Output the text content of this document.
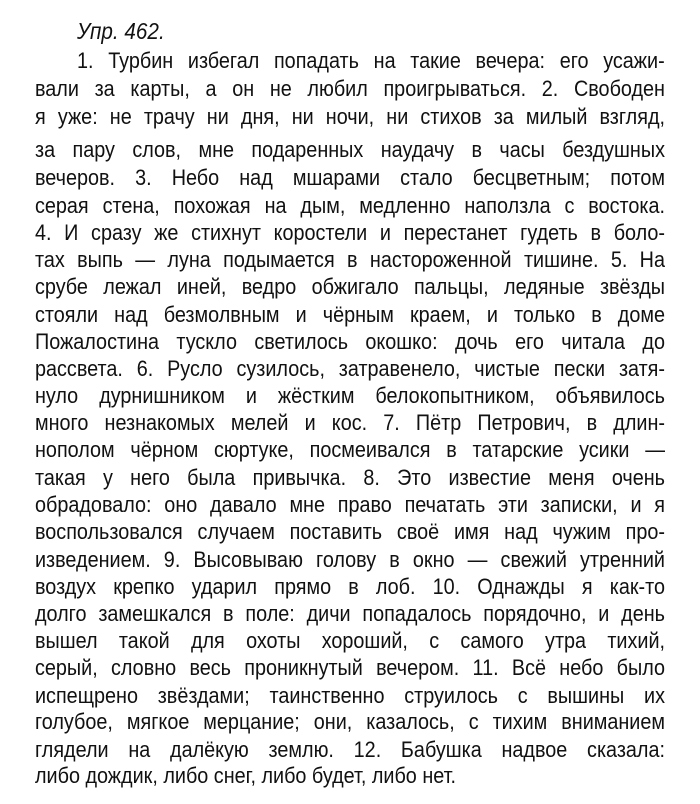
Упр. 462.
1. Турбин избегал попадать на такие вечера: его усажи-
вали за карты, а он не любил проигрываться. 2. Свободен
я уже: не трачу ни дня, ни ночи, ни стихов за милый взгляд,
за пару слов, мне подаренных наудачу в часы бездушных
вечеров. 3. Небо над мшарами стало бесцветным; потом
серая стена, похожая на дым, медленно наползла с востока.
4. И сразу же стихнут коростели и перестанет гудеть в боло-
тах выпь — луна подымается в настороженной тишине. 5. На
срубе лежал иней, ведро обжигало пальцы, ледяные звёзды
стояли над безмолвным и чёрным краем, и только в доме
Пожалостина тускло светилось окошко: дочь его читала до
рассвета. 6. Русло сузилось, затравенело, чистые пески затя-
нуло дурнишником и жёстким белокопытником, объявилось
много незнакомых мелей и кос. 7. Пётр Петрович, в длин-
нополом чёрном сюртуке, посмеивался в татарские усики —
такая у него была привычка. 8. Это известие меня очень
обрадовало: оно давало мне право печатать эти записки, и я
воспользовался случаем поставить своё имя над чужим про-
изведением. 9. Высовываю голову в окно — свежий утренний
воздух крепко ударил прямо в лоб. 10. Однажды я как-то
долго замешкался в поле: дичи попадалось порядочно, и день
вышел такой для охоты хороший, с самого утра тихий,
серый, словно весь проникнутый вечером. 11. Всё небо было
испещрено звёздами; таинственно струилось с вышины их
голубое, мягкое мерцание; они, казалось, с тихим вниманием
глядели на далёкую землю. 12. Бабушка надвое сказала:
либо дождик, либо снег, либо будет, либо нет.
